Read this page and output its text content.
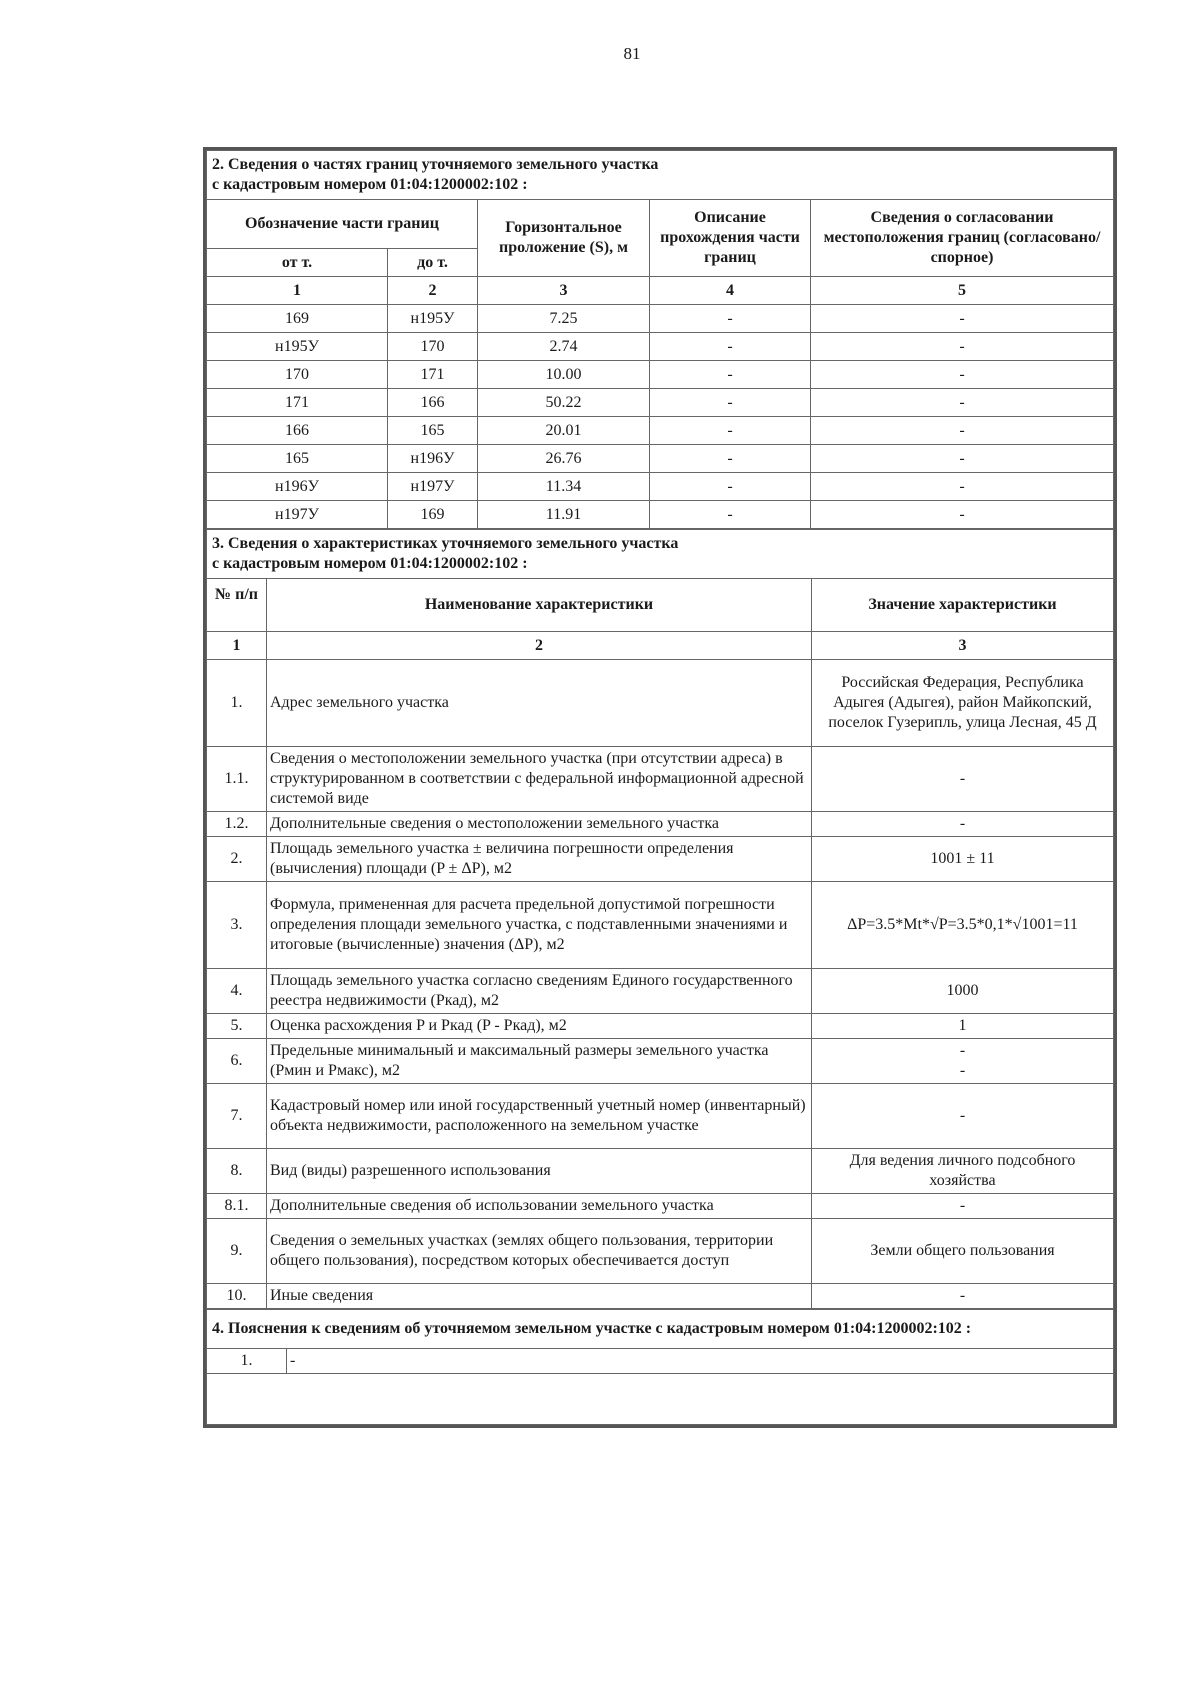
81
2. Сведения о частях границ уточняемого земельного участка
с кадастровым номером 01:04:1200002:102 :				

Обозначение части границ		Горизонтальное проложение (S), м	Описание прохождения части границ	Сведения о согласовании местоположения границ (согласовано/спорное)
от т.	до т.			
1	2	3	4	5
169	н195У	7.25	-	-
н195У	170	2.74	-	-
170	171	10.00	-	-
171	166	50.22	-	-
166	165	20.01	-	-
165	н196У	26.76	-	-
н196У	н197У	11.34	-	-
н197У	169	11.91	-	-
3. Сведения о характеристиках уточняемого земельного участка
с кадастровым номером 01:04:1200002:102 :		

№ п/п	Наименование характеристики	Значение характеристики
1	2	3
1.	Адрес земельного участка	Российская Федерация, Республика Адыгея (Адыгея), район Майкопский, поселок Гузерипль, улица Лесная, 45 Д
1.1.	Сведения о местоположении земельного участка (при отсутствии адреса) в структурированном в соответствии с федеральной информационной адресной системой виде	-
1.2.	Дополнительные сведения о местоположении земельного участка	-
2.	Площадь земельного участка ± величина погрешности определения (вычисления) площади (P ± ΔP), м2	1001 ± 11
3.	Формула, примененная для расчета предельной допустимой погрешности определения площади земельного участка, с подставленными значениями и итоговые (вычисленные) значения (ΔP), м2	ΔP=3.5*Mt*√P=3.5*0,1*√1001=11
4.	Площадь земельного участка согласно сведениям Единого государственного реестра недвижимости (Pкад), м2	1000
5.	Оценка расхождения P и Pкад (P - Pкад), м2	1
6.	Предельные минимальный и максимальный размеры земельного участка (Pмин и Pмакс), м2	-
-

7.	Кадастровый номер или иной государственный учетный номер (инвентарный) объекта недвижимости, расположенного на земельном участке	-
8.	Вид (виды) разрешенного использования	Для ведения личного подсобного хозяйства
8.1.	Дополнительные сведения об использовании земельного участка	-
9.	Сведения о земельных участках (землях общего пользования, территории общего пользования), посредством которых обеспечивается доступ	Земли общего пользования
10.	Иные сведения	-
4. Пояснения к сведениям об уточняемом земельном участке с кадастровым номером 01:04:1200002:102 :
1.	-
